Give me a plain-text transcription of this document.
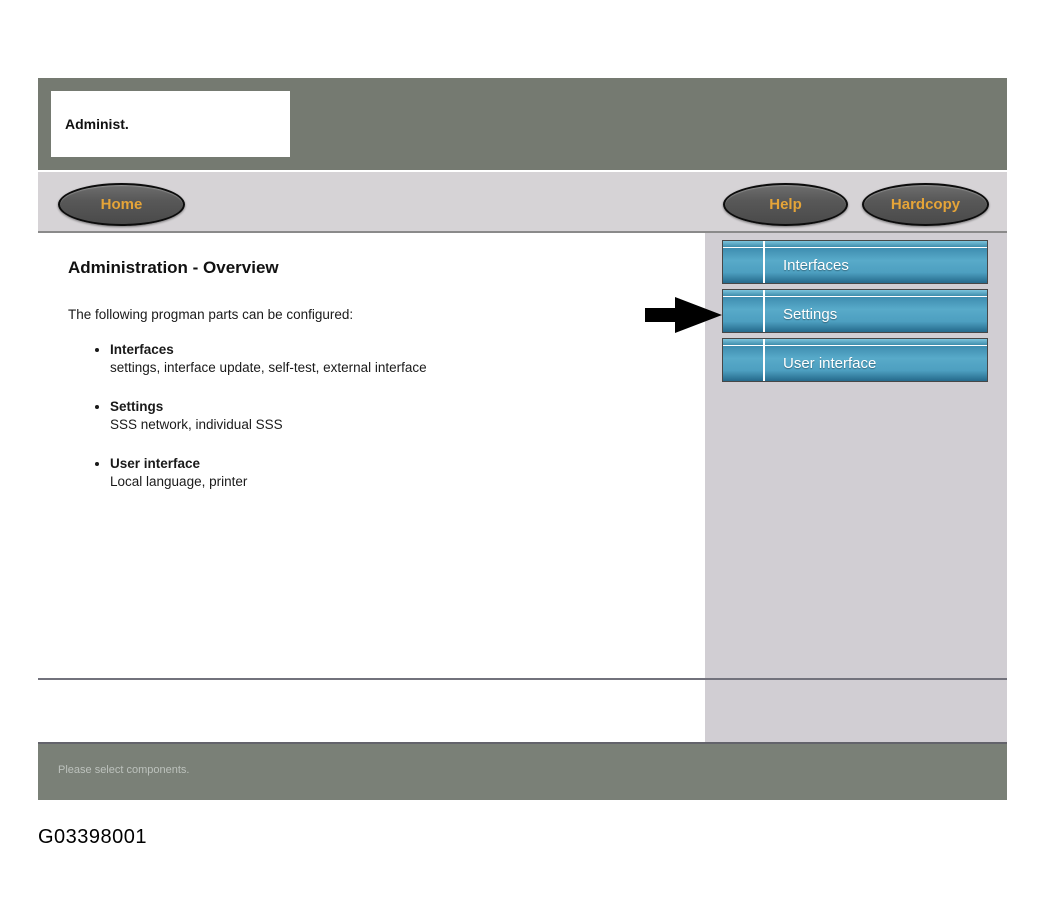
Administ.
Home	Help	Hardcopy
Administration - Overview

The following progman parts can be configured:

• Interfaces
settings, interface update, self-test, external interface
• Settings
SSS network, individual SSS
• User interface
Local language, printer
Interfaces
Settings
User interface
Please select components.
G03398001
